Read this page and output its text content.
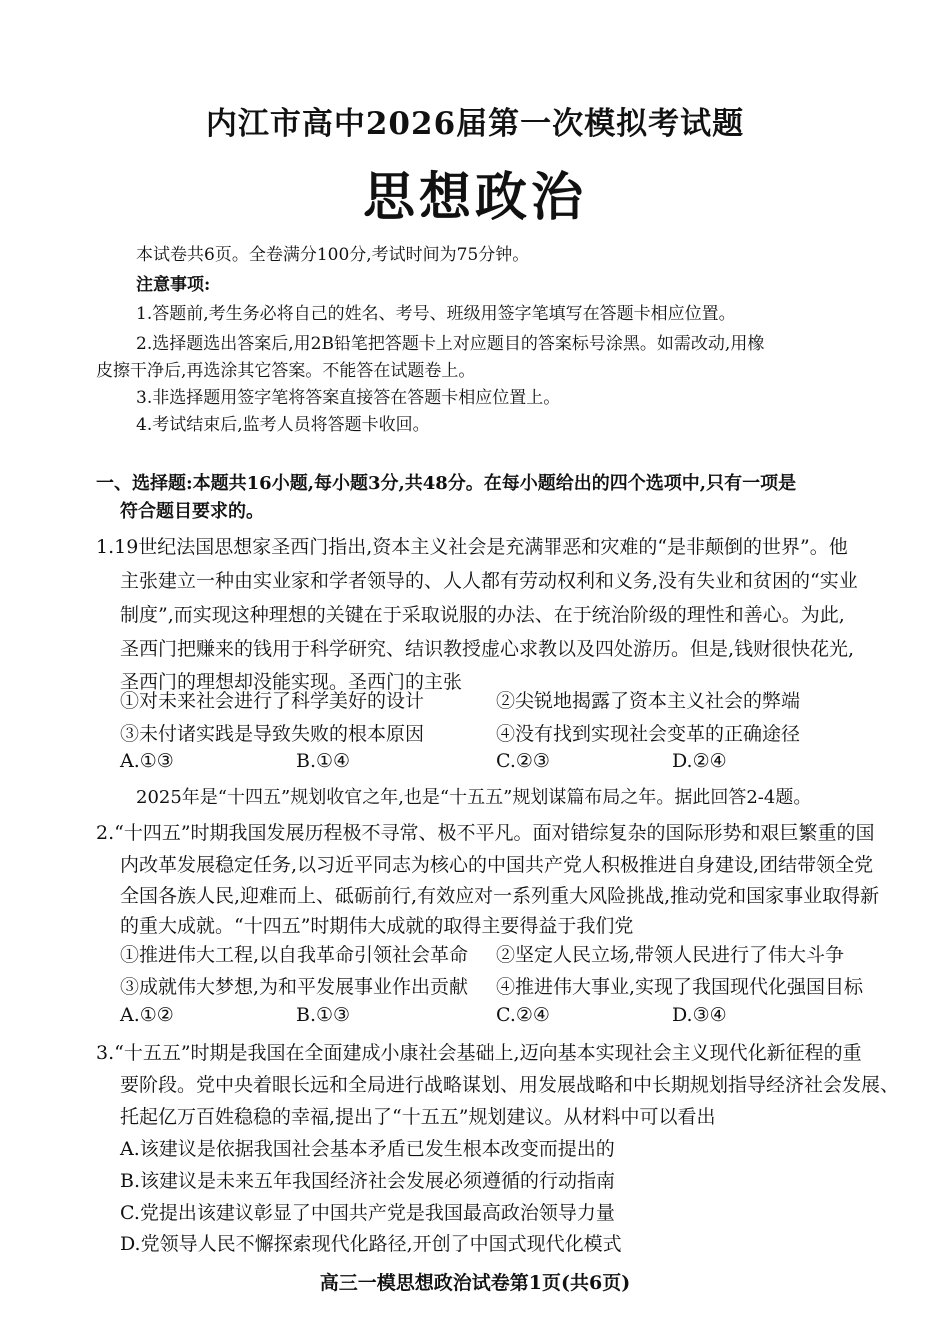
内江市高中2026届第一次模拟考试题
思想政治
本试卷共6页。全卷满分100分,考试时间为75分钟。
注意事项:
1.答题前,考生务必将自己的姓名、考号、班级用签字笔填写在答题卡相应位置。
2.选择题选出答案后,用2B铅笔把答题卡上对应题目的答案标号涂黑。如需改动,用橡
皮擦干净后,再选涂其它答案。不能答在试题卷上。
3.非选择题用签字笔将答案直接答在答题卡相应位置上。
4.考试结束后,监考人员将答题卡收回。
一、选择题:本题共16小题,每小题3分,共48分。在每小题给出的四个选项中,只有一项是
符合题目要求的。
1.19世纪法国思想家圣西门指出,资本主义社会是充满罪恶和灾难的“是非颠倒的世界”。他
主张建立一种由实业家和学者领导的、人人都有劳动权利和义务,没有失业和贫困的“实业
制度”,而实现这种理想的关键在于采取说服的办法、在于统治阶级的理性和善心。为此,
圣西门把赚来的钱用于科学研究、结识教授虚心求教以及四处游历。但是,钱财很快花光,
圣西门的理想却没能实现。圣西门的主张
①对未来社会进行了科学美好的设计	②尖锐地揭露了资本主义社会的弊端
③未付诸实践是导致失败的根本原因	④没有找到实现社会变革的正确途径
A.①③	B.①④	C.②③	D.②④
2025年是“十四五”规划收官之年,也是“十五五”规划谋篇布局之年。据此回答2-4题。
2.“十四五”时期我国发展历程极不寻常、极不平凡。面对错综复杂的国际形势和艰巨繁重的国
内改革发展稳定任务,以习近平同志为核心的中国共产党人积极推进自身建设,团结带领全党
全国各族人民,迎难而上、砥砺前行,有效应对一系列重大风险挑战,推动党和国家事业取得新
的重大成就。“十四五”时期伟大成就的取得主要得益于我们党
①推进伟大工程,以自我革命引领社会革命 ②坚定人民立场,带领人民进行了伟大斗争
③成就伟大梦想,为和平发展事业作出贡献 ④推进伟大事业,实现了我国现代化强国目标
A.①②	B.①③	C.②④	D.③④
3.“十五五”时期是我国在全面建成小康社会基础上,迈向基本实现社会主义现代化新征程的重
要阶段。党中央着眼长远和全局进行战略谋划、用发展战略和中长期规划指导经济社会发展、
托起亿万百姓稳稳的幸福,提出了“十五五”规划建议。从材料中可以看出
A.该建议是依据我国社会基本矛盾已发生根本改变而提出的
B.该建议是未来五年我国经济社会发展必须遵循的行动指南
C.党提出该建议彰显了中国共产党是我国最高政治领导力量
D.党领导人民不懈探索现代化路径,开创了中国式现代化模式
高三一模思想政治试卷第1页(共6页)
